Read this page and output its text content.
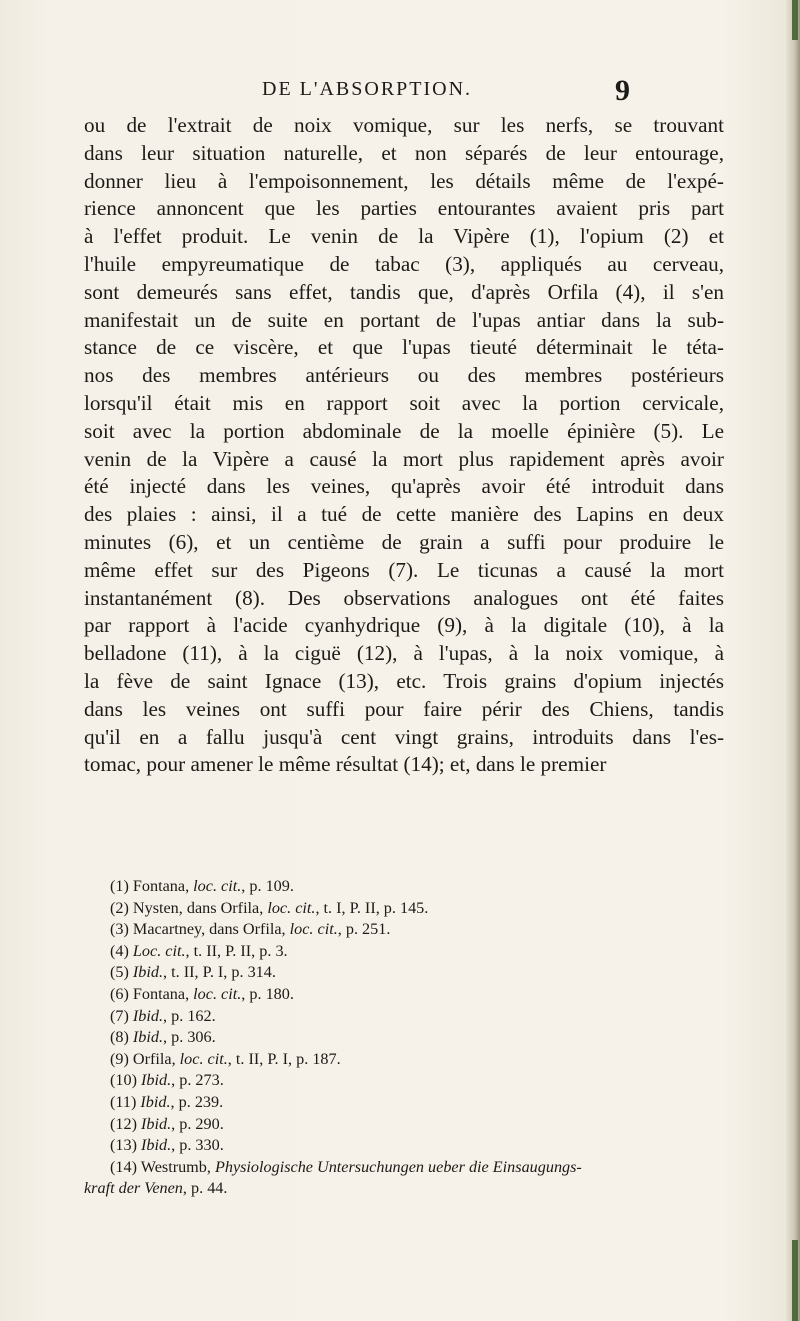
DE L'ABSORPTION.	9
ou de l'extrait de noix vomique, sur les nerfs, se trouvant
dans leur situation naturelle, et non séparés de leur entourage,
donner lieu à l'empoisonnement, les détails même de l'expé-
rience annoncent que les parties entourantes avaient pris part
à l'effet produit. Le venin de la Vipère (1), l'opium (2) et
l'huile empyreumatique de tabac (3), appliqués au cerveau,
sont demeurés sans effet, tandis que, d'après Orfila (4), il s'en
manifestait un de suite en portant de l'upas antiar dans la sub-
stance de ce viscère, et que l'upas tieuté déterminait le téta-
nos des membres antérieurs ou des membres postérieurs
lorsqu'il était mis en rapport soit avec la portion cervicale,
soit avec la portion abdominale de la moelle épinière (5). Le
venin de la Vipère a causé la mort plus rapidement après avoir
été injecté dans les veines, qu'après avoir été introduit dans
des plaies : ainsi, il a tué de cette manière des Lapins en deux
minutes (6), et un centième de grain a suffi pour produire le
même effet sur des Pigeons (7). Le ticunas a causé la mort
instantanément (8). Des observations analogues ont été faites
par rapport à l'acide cyanhydrique (9), à la digitale (10), à la
belladone (11), à la ciguë (12), à l'upas, à la noix vomique, à
la fève de saint Ignace (13), etc. Trois grains d'opium injectés
dans les veines ont suffi pour faire périr des Chiens, tandis
qu'il en a fallu jusqu'à cent vingt grains, introduits dans l'es-
tomac, pour amener le même résultat (14); et, dans le premier
(1) Fontana, loc. cit., p. 109.
(2) Nysten, dans Orfila, loc. cit., t. I, P. II, p. 145.
(3) Macartney, dans Orfila, loc. cit., p. 251.
(4) Loc. cit., t. II, P. II, p. 3.
(5) Ibid., t. II, P. I, p. 314.
(6) Fontana, loc. cit., p. 180.
(7) Ibid., p. 162.
(8) Ibid., p. 306.
(9) Orfila, loc. cit., t. II, P. I, p. 187.
(10) Ibid., p. 273.
(11) Ibid., p. 239.
(12) Ibid., p. 290.
(13) Ibid., p. 330.
(14) Westrumb, Physiologische Untersuchungen ueber die Einsaugungs-
kraft der Venen, p. 44.
